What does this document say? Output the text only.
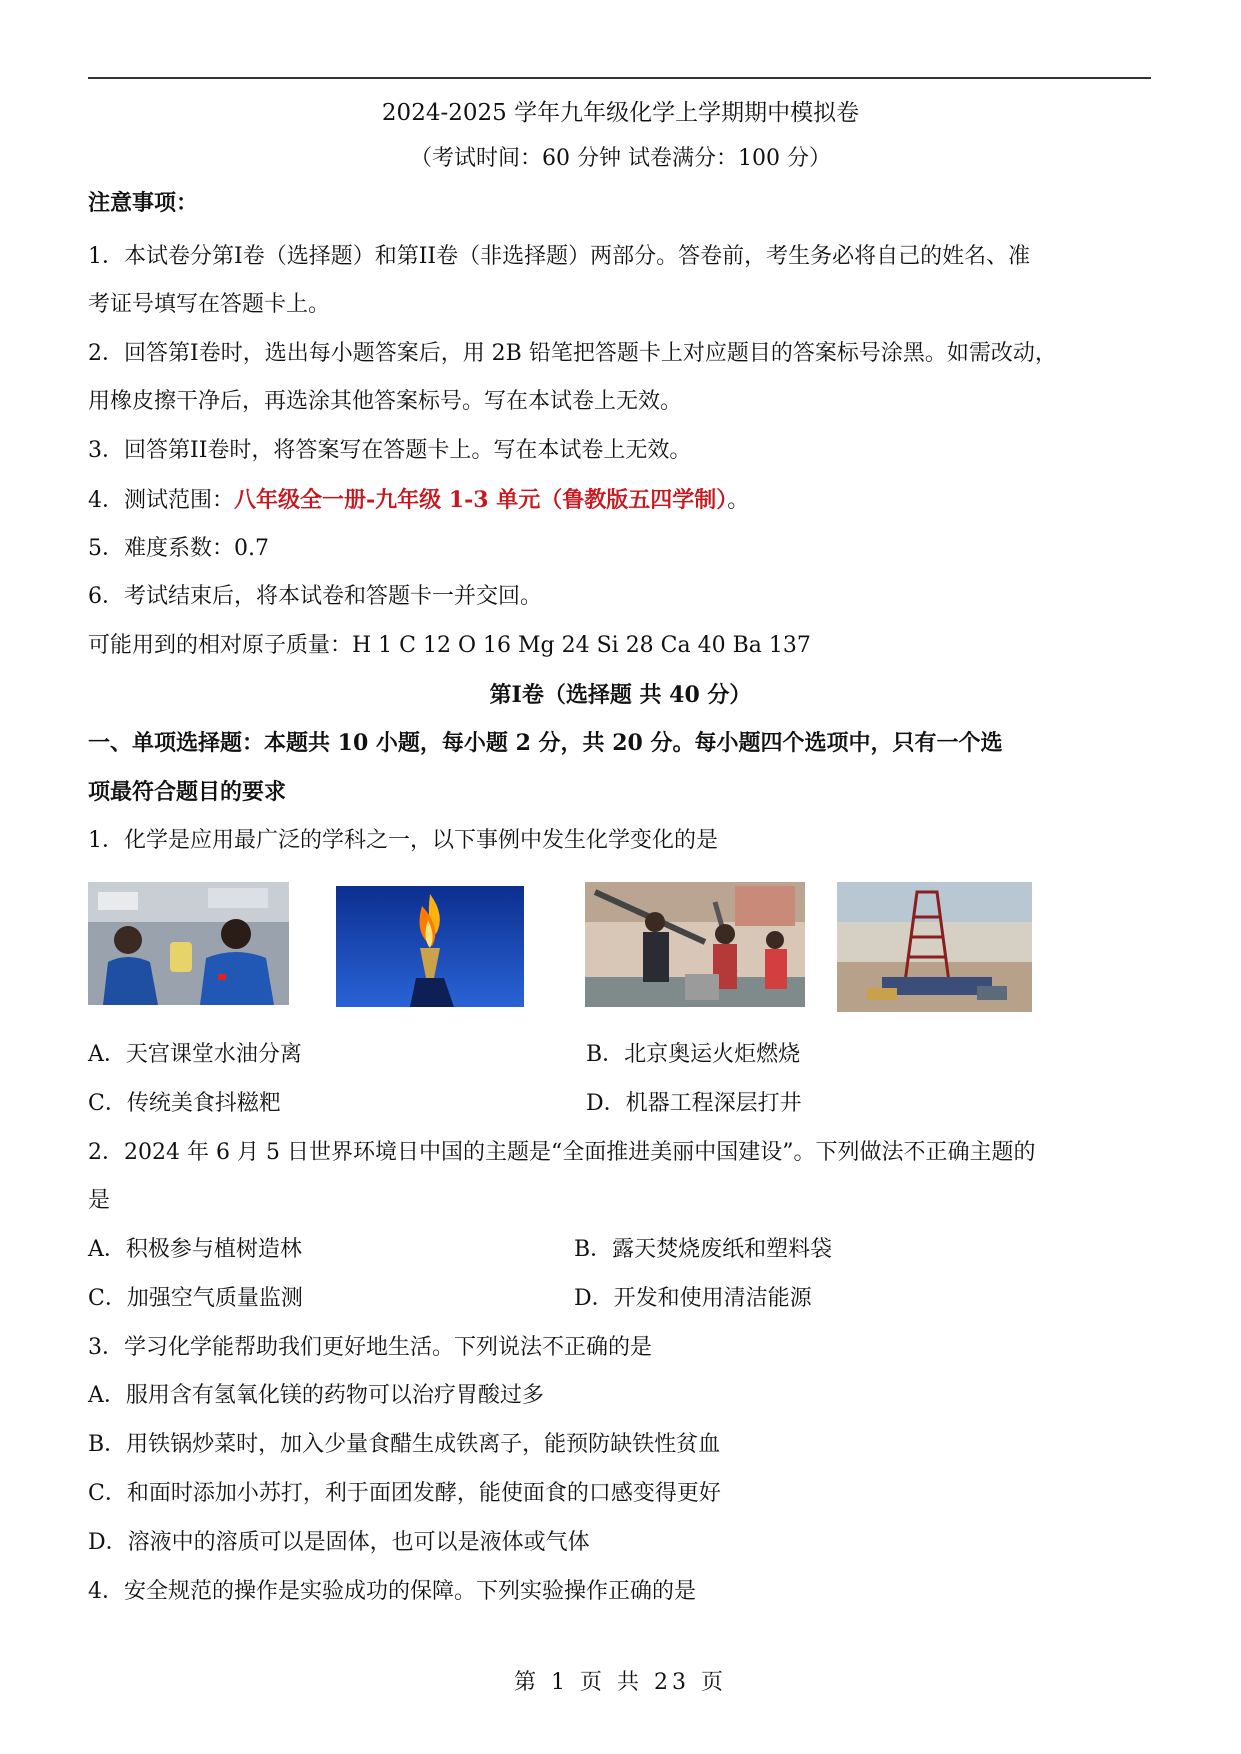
2024-2025 学年九年级化学上学期期中模拟卷
（考试时间：60 分钟 试卷满分：100 分）
注意事项：
1．本试卷分第I卷（选择题）和第II卷（非选择题）两部分。答卷前，考生务必将自己的姓名、准
考证号填写在答题卡上。
2．回答第I卷时，选出每小题答案后，用 2B 铅笔把答题卡上对应题目的答案标号涂黑。如需改动，
用橡皮擦干净后，再选涂其他答案标号。写在本试卷上无效。
3．回答第II卷时，将答案写在答题卡上。写在本试卷上无效。
4．测试范围：八年级全一册-九年级 1-3 单元（鲁教版五四学制）。
5．难度系数：0.7
6．考试结束后，将本试卷和答题卡一并交回。
可能用到的相对原子质量：H 1 C 12 O 16 Mg 24 Si 28 Ca 40 Ba 137
第I卷（选择题 共 40 分）
一、单项选择题：本题共 10 小题，每小题 2 分，共 20 分。每小题四个选项中，只有一个选
项最符合题目的要求
1．化学是应用最广泛的学科之一，以下事例中发生化学变化的是
A．天宫课堂水油分离	B．北京奥运火炬燃烧
C．传统美食抖糍粑	D．机器工程深层打井
2．2024 年 6 月 5 日世界环境日中国的主题是“全面推进美丽中国建设”。下列做法不正确主题的
是
A．积极参与植树造林	B．露天焚烧废纸和塑料袋
C．加强空气质量监测	D．开发和使用清洁能源
3．学习化学能帮助我们更好地生活。下列说法不正确的是
A．服用含有氢氧化镁的药物可以治疗胃酸过多
B．用铁锅炒菜时，加入少量食醋生成铁离子，能预防缺铁性贫血
C．和面时添加小苏打，利于面团发酵，能使面食的口感变得更好
D．溶液中的溶质可以是固体，也可以是液体或气体
4．安全规范的操作是实验成功的保障。下列实验操作正确的是
第 1 页 共 23 页
